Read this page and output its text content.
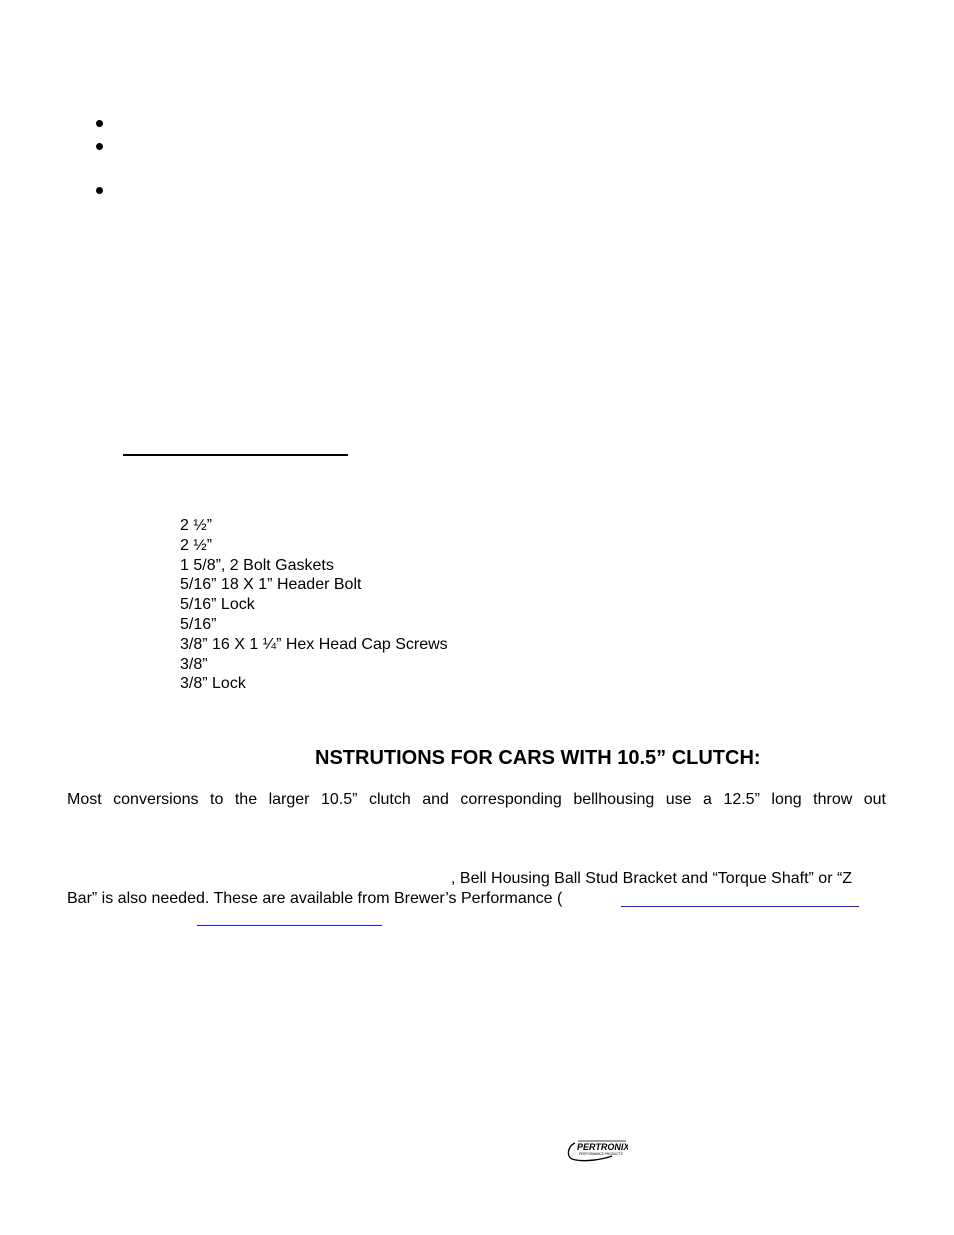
2 ½”
2 ½”
1 5/8”, 2 Bolt Gaskets
5/16” 18 X 1” Header Bolt
5/16” Lock
5/16”
3/8” 16 X 1 ¼” Hex Head Cap Screws
3/8”
3/8” Lock
NSTRUTIONS FOR CARS WITH 10.5” CLUTCH:
Most conversions to the larger 10.5” clutch and corresponding bellhousing use a 12.5” long throw out
, Bell Housing Ball Stud Bracket and “Torque Shaft” or “Z
Bar” is also needed. These are available from Brewer’s Performance (
PERTRONIX
PERFORMANCE PRODUCTS
